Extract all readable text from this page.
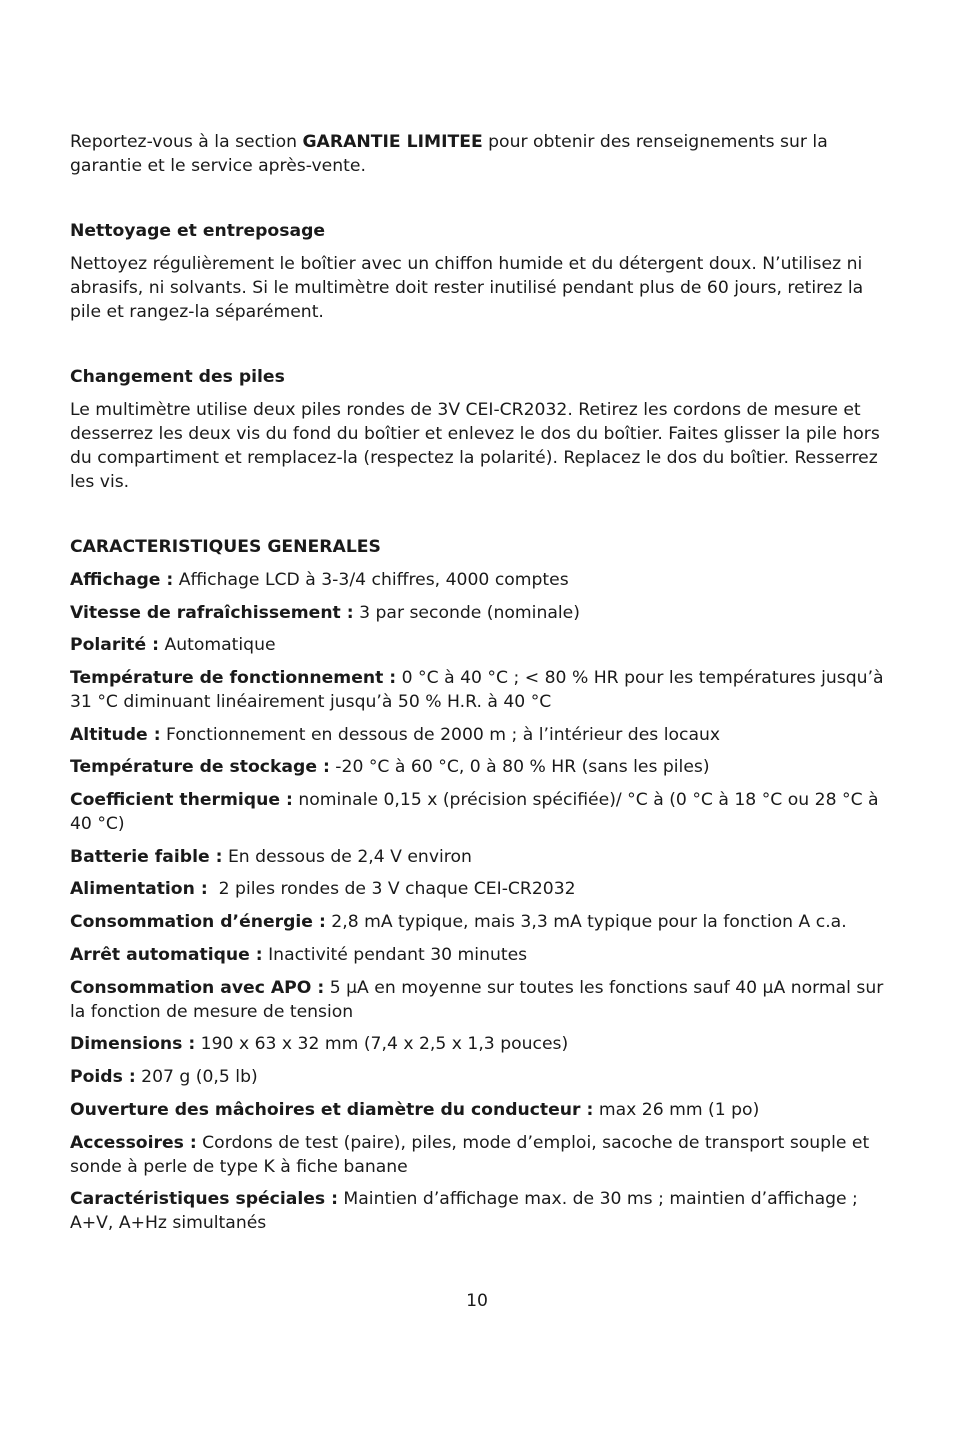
Reportez-vous à la section GARANTIE LIMITEE pour obtenir des renseignements sur la garantie et le service après-vente.

Nettoyage et entreposage

Nettoyez régulièrement le boîtier avec un chiffon humide et du détergent doux. N’utilisez ni abrasifs, ni solvants. Si le multimètre doit rester inutilisé pendant plus de 60 jours, retirez la pile et rangez-la séparément.

Changement des piles

Le multimètre utilise deux piles rondes de 3V CEI-CR2032. Retirez les cordons de mesure et desserrez les deux vis du fond du boîtier et enlevez le dos du boîtier. Faites glisser la pile hors du compartiment et remplacez-la (respectez la polarité). Replacez le dos du boîtier. Resserrez les vis.

CARACTERISTIQUES GENERALES

Affichage : Affichage LCD à 3-3/4 chiffres, 4000 comptes

Vitesse de rafraîchissement : 3 par seconde (nominale)

Polarité : Automatique

Température de fonctionnement : 0 °C à 40 °C ; < 80 % HR pour les températures jusqu’à 31 °C diminuant linéairement jusqu’à 50 % H.R. à 40 °C

Altitude : Fonctionnement en dessous de 2000 m ; à l’intérieur des locaux

Température de stockage : -20 °C à 60 °C, 0 à 80 % HR (sans les piles)

Coefficient thermique : nominale 0,15 x (précision spécifiée)/ °C à (0 °C à 18 °C ou 28 °C à 40 °C)

Batterie faible : En dessous de 2,4 V environ

Alimentation :  2 piles rondes de 3 V chaque CEI-CR2032

Consommation d’énergie : 2,8 mA typique, mais 3,3 mA typique pour la fonction A c.a.

Arrêt automatique : Inactivité pendant 30 minutes

Consommation avec APO : 5 µA en moyenne sur toutes les fonctions sauf 40 µA normal sur la fonction de mesure de tension

Dimensions : 190 x 63 x 32 mm (7,4 x 2,5 x 1,3 pouces)

Poids : 207 g (0,5 lb)

Ouverture des mâchoires et diamètre du conducteur : max 26 mm (1 po)

Accessoires : Cordons de test (paire), piles, mode d’emploi, sacoche de transport souple et sonde à perle de type K à fiche banane

Caractéristiques spéciales : Maintien d’affichage max. de 30 ms ; maintien d’affichage ; A+V, A+Hz simultanés

10
